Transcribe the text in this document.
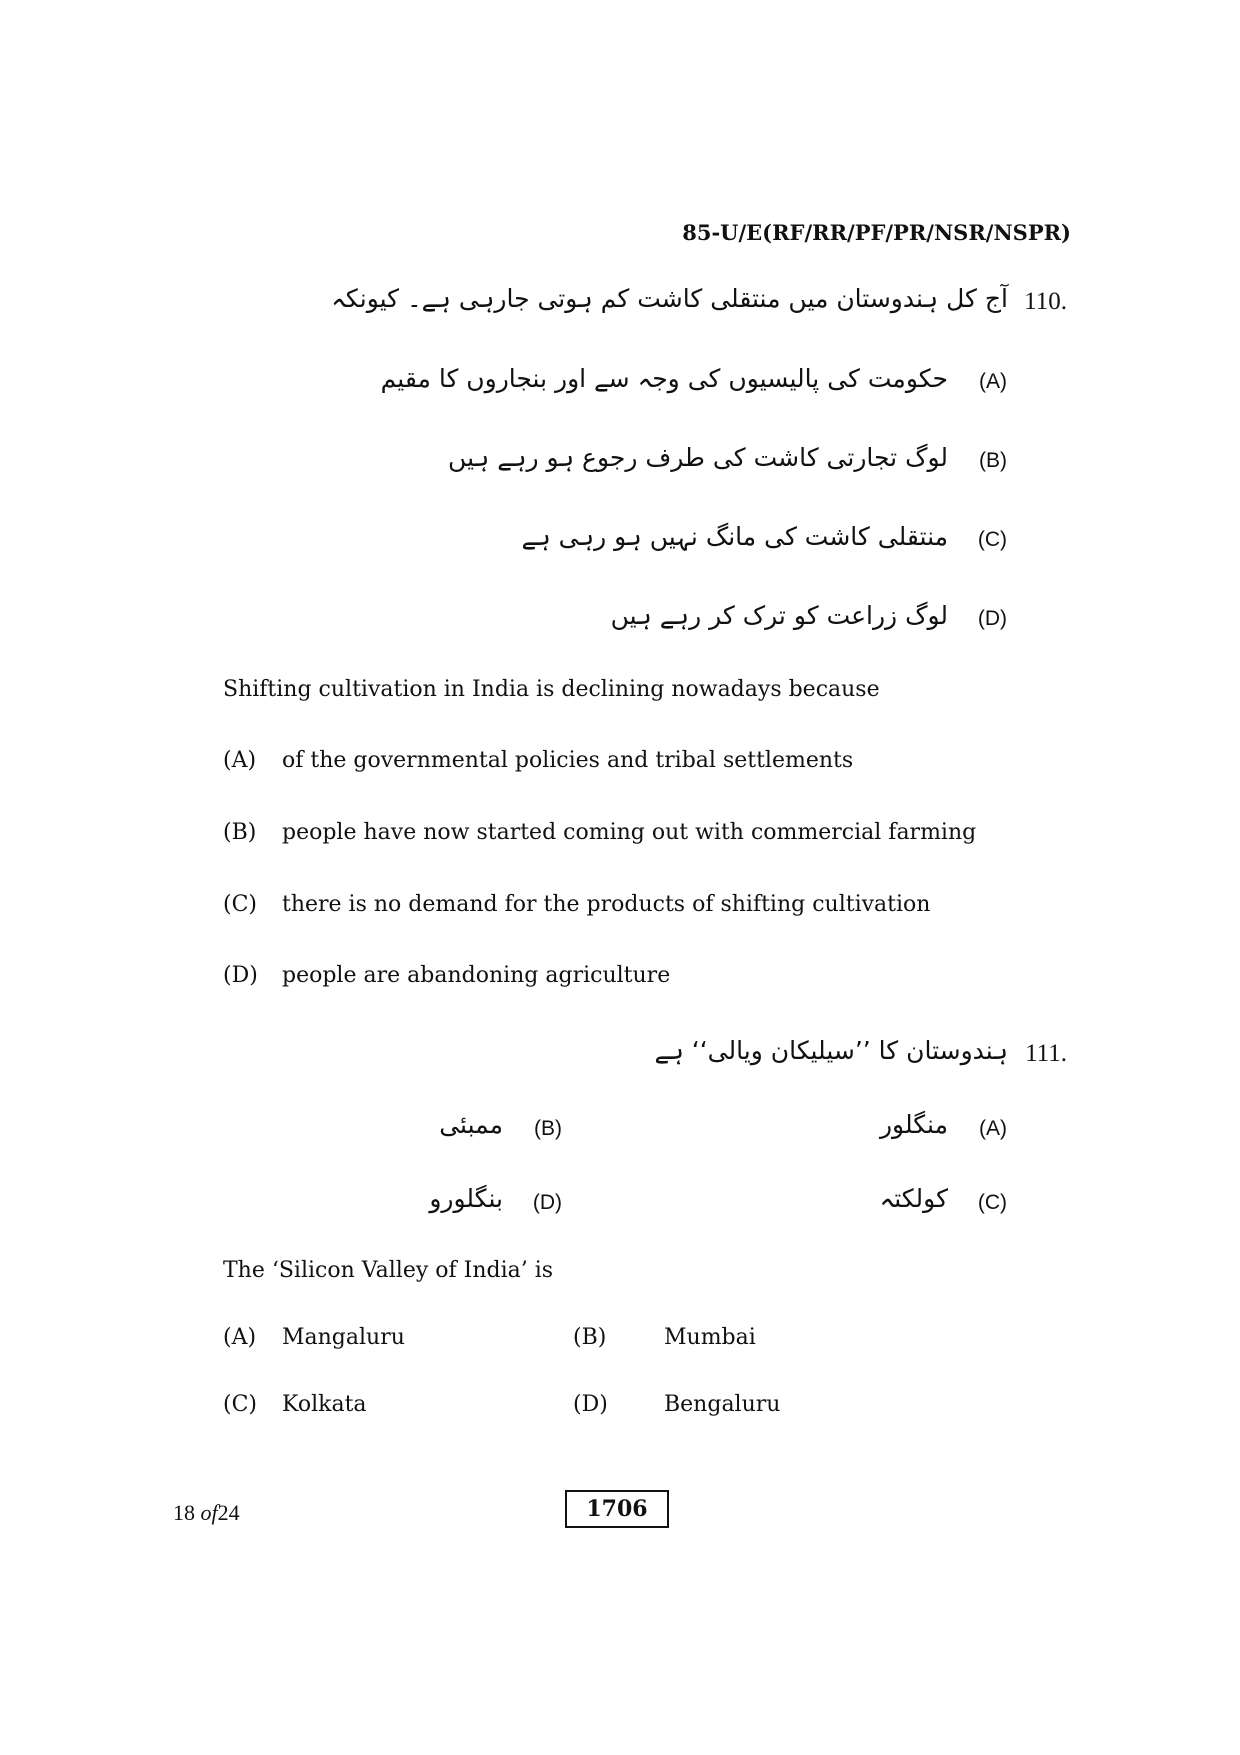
85-U/E(RF/RR/PF/PR/NSR/NSPR)
110.
آج کل ہندوستان میں منتقلی کاشت کم ہوتی جارہی ہے۔ کیونکہ
(A)
حکومت کی پالیسیوں کی وجہ سے اور بنجاروں کا مقیم
(B)
لوگ تجارتی کاشت کی طرف رجوع ہو رہے ہیں
(C)
منتقلی کاشت کی مانگ نہیں ہو رہی ہے
(D)
لوگ زراعت کو ترک کر رہے ہیں
Shifting cultivation in India is declining nowadays because
(A) of the governmental policies and tribal settlements
(B) people have now started coming out with commercial farming
(C) there is no demand for the products of shifting cultivation
(D) people are abandoning agriculture
111.
ہندوستان کا ’’سیلیکان ویالی‘‘ ہے
(A)
منگلور
(B)
ممبئی
(C)
کولکتہ
(D)
بنگلورو
The ‘Silicon Valley of India’ is
(A) Mangaluru	(B)	Mumbai
(C) Kolkata	(D)	Bengaluru
18 of24	1706
